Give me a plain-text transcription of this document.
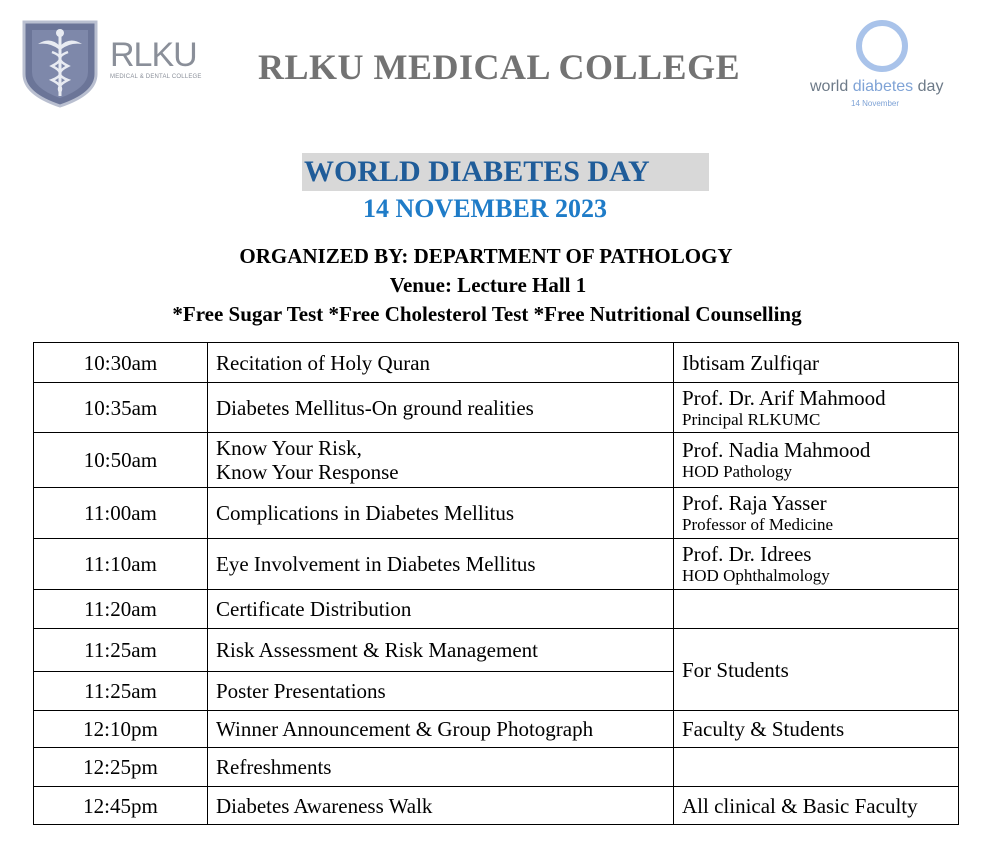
RLKU
MEDICAL & DENTAL COLLEGE RLKU MEDICAL COLLEGE	world diabetes day
14 November
WORLD DIABETES DAY
14 NOVEMBER 2023
ORGANIZED BY: DEPARTMENT OF PATHOLOGY
Venue: Lecture Hall 1
*Free Sugar Test *Free Cholesterol Test *Free Nutritional Counselling
10:30am	Recitation of Holy Quran	Ibtisam Zulfiqar

10:35am	Diabetes Mellitus-On ground realities	Prof. Dr. Arif Mahmood
Principal RLKUMC

10:50am	Know Your Risk,
Know Your Response	Prof. Nadia Mahmood
HOD Pathology

11:00am	Complications in Diabetes Mellitus	Prof. Raja Yasser
Professor of Medicine

11:10am	Eye Involvement in Diabetes Mellitus	Prof. Dr. Idrees
HOD Ophthalmology

11:20am	Certificate Distribution	
11:25am	Risk Assessment & Risk Management	For Students
11:25am	Poster Presentations	
12:10pm	Winner Announcement & Group Photograph	Faculty & Students
12:25pm	Refreshments	
12:45pm	Diabetes Awareness Walk	All clinical & Basic Faculty
